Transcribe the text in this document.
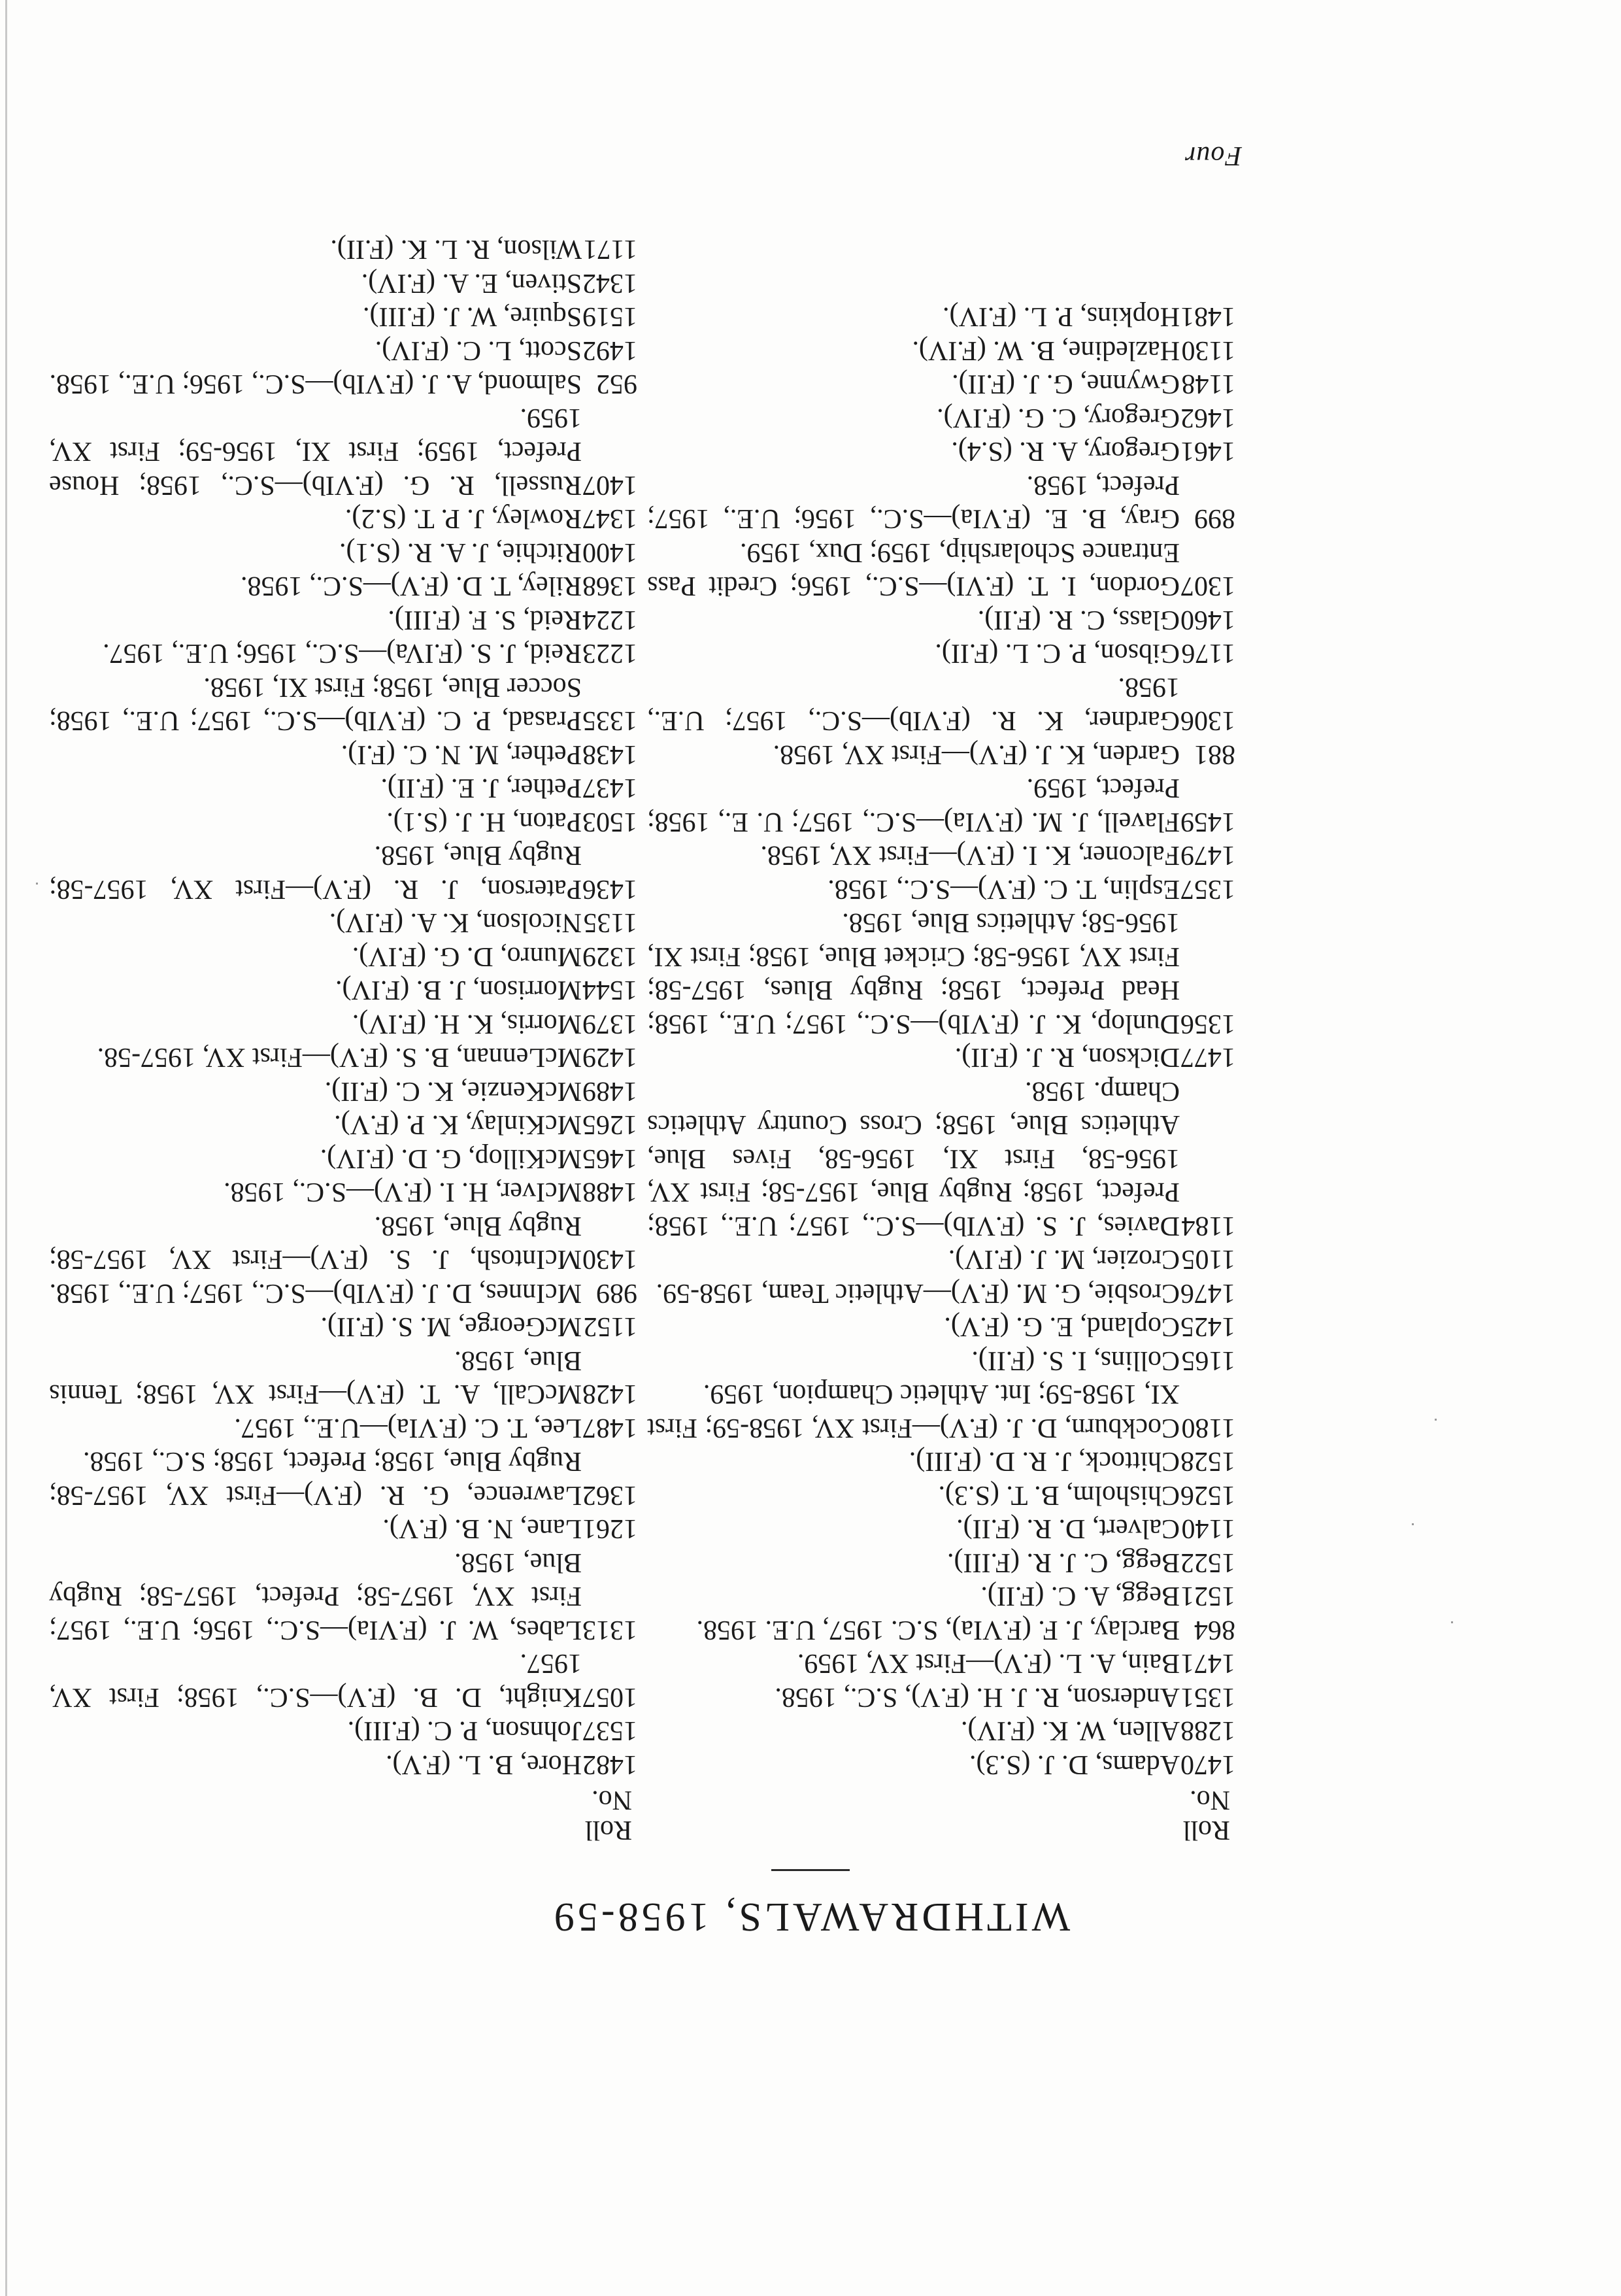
Four
WITHDRAWALS, 1958-59
Roll
No.
1470
Adams, D. J. (S.3).
1288
Allen, W. K. (F.IV).
1351
Anderson, R. J. H. (F.V), S.C., 1958.
1471
Bain, A. L. (F.V)—First XV, 1959.
864
Barclay, J. F. (F.VIa), S.C. 1957, U.E. 1958.
1521
Begg, A. C. (F.II).
1522
Begg, C. J. R. (F.III).
1140
Calvert, D. R. (F.II).
1526
Chisholm, B. T. (S.3).
1528
Chittock, J. R. D. (F.III).
1180
Cockburn, D. J. (F.V)—First XV, 1958-59; First XI, 1958-59; Int. Athletic Champion, 1959.
1165
Collins, I. S. (F.II).
1425
Copland, E. G. (F.V).
1476
Crosbie, G. M. (F.V)—Athletic Team, 1958-59.
1105
Crozier, M. J. (F.IV).
1184
Davies, J. S. (F.VIb)—S.C., 1957; U.E., 1958; Prefect, 1958; Rugby Blue, 1957-58; First XV, 1956-58, First XI, 1956-58, Fives Blue, Athletics Blue, 1958; Cross Country Athletics Champ. 1958.
1477
Dickson, R. J. (F.II).
1356
Dunlop, K. J. (F.VIb)—S.C., 1957; U.E., 1958; Head Prefect, 1958; Rugby Blues, 1957-58; First XV, 1956-58; Cricket Blue, 1958; First XI, 1956-58; Athletics Blue, 1958.
1357
Esplin, T. C. (F.V)—S.C., 1958.
1479
Falconer, K. I. (F.V)—First XV, 1958.
1459
Flavell, J. M. (F.VIa)—S.C., 1957; U. E., 1958; Prefect, 1959.
881
Garden, K. J. (F.V)—First XV, 1958.
1306
Gardner, K. R. (F.VIb)—S.C., 1957; U.E., 1958.
1176
Gibson, P. C. L. (F.II).
1460
Glass, C. R. (F.II).
1307
Gordon, I. T. (F.VI)—S.C., 1956; Credit Pass Entrance Scholarship, 1959; Dux, 1959.
899
Gray, B. E. (F.VIa)—S.C., 1956; U.E., 1957; Prefect, 1958.
1461
Gregory, A. R. (S.4).
1462
Gregory, C. G. (F.IV).
1148
Gwynne, G. J. (F.II).
1130
Hazledine, B. W. (F.IV).
1481
Hopkins, P. L. (F.IV).
Roll
No.
1482
Hore, B. L. (F.V).
1537
Johnson, P. C. (F.III).
1057
Knight, D. B. (F.V)—S.C., 1958; First XV, 1957.
1313
Labes, W. J. (F.VIa)—S.C., 1956; U.E., 1957; First XV, 1957-58; Prefect, 1957-58; Rugby Blue, 1958.
1261
Lane, N. B. (F.V).
1362
Lawrence, G. R. (F.V)—First XV, 1957-58; Rugby Blue, 1958; Prefect, 1958; S.C., 1958.
1487
Lee, T. C. (F.VIa)—U.E., 1957.
1428
McCall, A. T. (F.V)—First XV, 1958; Tennis Blue, 1958.
1152
McGeorge, M. S. (F.II).
989
McInnes, D. J. (F.VIb)—S.C., 1957; U.E., 1958.
1430
McIntosh, J. S. (F.V)—First XV, 1957-58; Rugby Blue, 1958.
1488
McIver, H. I. (F.V)—S.C., 1958.
1465
McKillop, G. D. (F.IV).
1265
McKinlay, K. P. (F.V).
1489
McKenzie, K. C. (F.II).
1429
McLennan, B. S. (F.V)—First XV, 1957-58.
1379
Morris, K. H. (F.IV).
1544
Morrison, J. B. (F.IV).
1329
Munro, D. G. (F.IV).
1135
Nicolson, K. A. (F.IV).
1436
Paterson, J. R. (F.V)—First XV, 1957-58; Rugby Blue, 1958.
1503
Paton, H. J. (S.1).
1437
Pether, J. E. (F.II).
1438
Pether, M. N. C. (F.I).
1335
Prasad, P. C. (F.VIb)—S.C., 1957; U.E., 1958; Soccer Blue, 1958; First XI, 1958.
1223
Reid, J. S. (F.IVa)—S.C., 1956; U.E., 1957.
1224
Reid, S. F. (F.III).
1368
Riley, T. D. (F.V)—S.C., 1958.
1400
Ritchie, J. A. R. (S.1).
1347
Rowley, J. P. T. (S.2).
1407
Russell, R. G. (F.VIb)—S.C., 1958; House Prefect, 1959; First XI, 1956-59; First XV, 1959.
952
Salmond, A. J. (F.VIb)—S.C., 1956; U.E., 1958.
1492
Scott, L. C. (F.IV).
1519
Squire, W. J. (F.III).
1342
Stiven, E. A. (F.IV).
1171
Wilson, R. L. K. (F.II).
